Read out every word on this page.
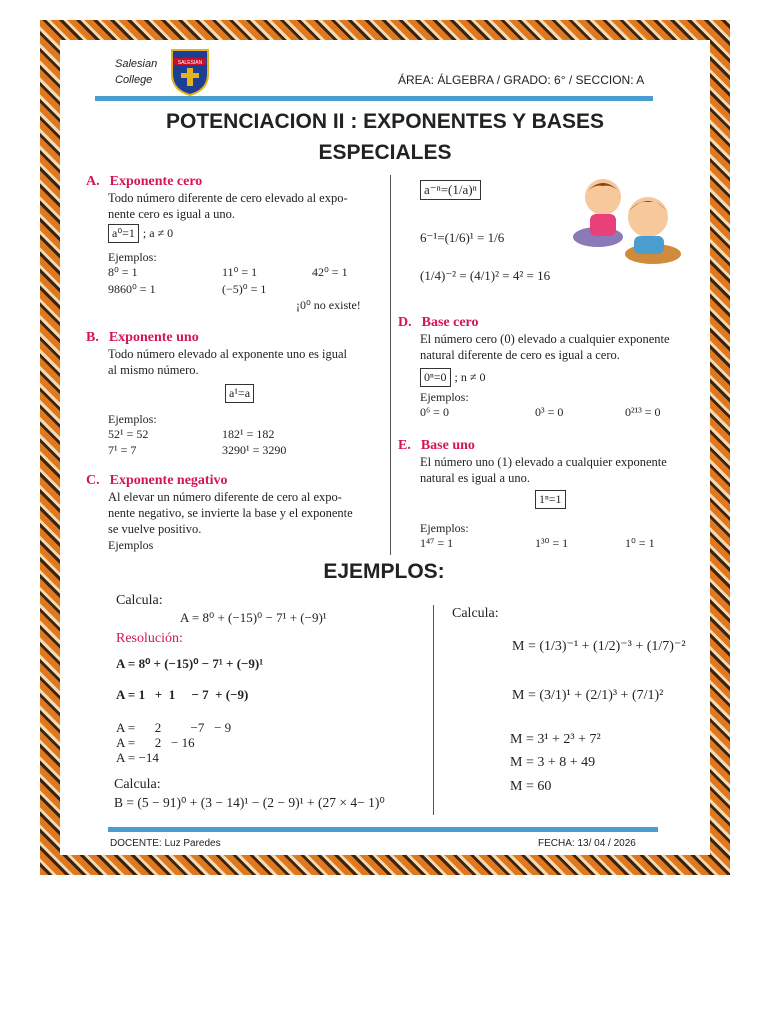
Salesian
College
SALESIAN
ÁREA: ÁLGEBRA / GRADO: 6° / SECCION: A
POTENCIACION II : EXPONENTES Y BASES
ESPECIALES
A. Exponente cero
Todo número diferente de cero elevado al expo-
nente cero es igual a uno.
a⁰=1 ; a ≠ 0
Ejemplos:
8⁰ = 1	11⁰ = 1	42⁰ = 1
9860⁰ = 1	(−5)⁰ = 1
¡0⁰ no existe!
B. Exponente uno
Todo número elevado al exponente uno es igual
al mismo número.
a¹=a
Ejemplos:
52¹ = 52	182¹ = 182
7¹ = 7	3290¹ = 3290
C. Exponente negativo
Al elevar un número diferente de cero al expo-
nente negativo, se invierte la base y el exponente
se vuelve positivo.
Ejemplos
a⁻ⁿ=(1/a)ⁿ
6⁻¹=(1/6)¹ = 1/6
(1/4)⁻² = (4/1)² = 4² = 16
D. Base cero
El número cero (0) elevado a cualquier exponente
natural diferente de cero es igual a cero.
0ⁿ=0 ; n ≠ 0
Ejemplos:
0⁶ = 0	0³ = 0	0²¹³ = 0
E. Base uno
El número uno (1) elevado a cualquier exponente
natural es igual a uno.
1ⁿ=1
Ejemplos:
1⁴⁷ = 1	1³⁰ = 1	1⁰ = 1
EJEMPLOS:
Calcula:
A = 8⁰ + (−15)⁰ − 7¹ + (−9)¹
Resolución:
A = 8⁰ + (−15)⁰ − 7¹ + (−9)¹
A = 1   +  1     − 7  + (−9)
A =      2         −7   − 9
A =      2   − 16
A = −14
Calcula:
B = (5 − 91)⁰ + (3 − 14)¹ − (2 − 9)¹ + (27 × 4− 1)⁰
Calcula:
M = (1/3)⁻¹ + (1/2)⁻³ + (1/7)⁻²
M = (3/1)¹ + (2/1)³ + (7/1)²
M = 3¹ + 2³ + 7²
M = 3 + 8 + 49
M = 60
DOCENTE: Luz Paredes	FECHA: 13/ 04 / 2026
